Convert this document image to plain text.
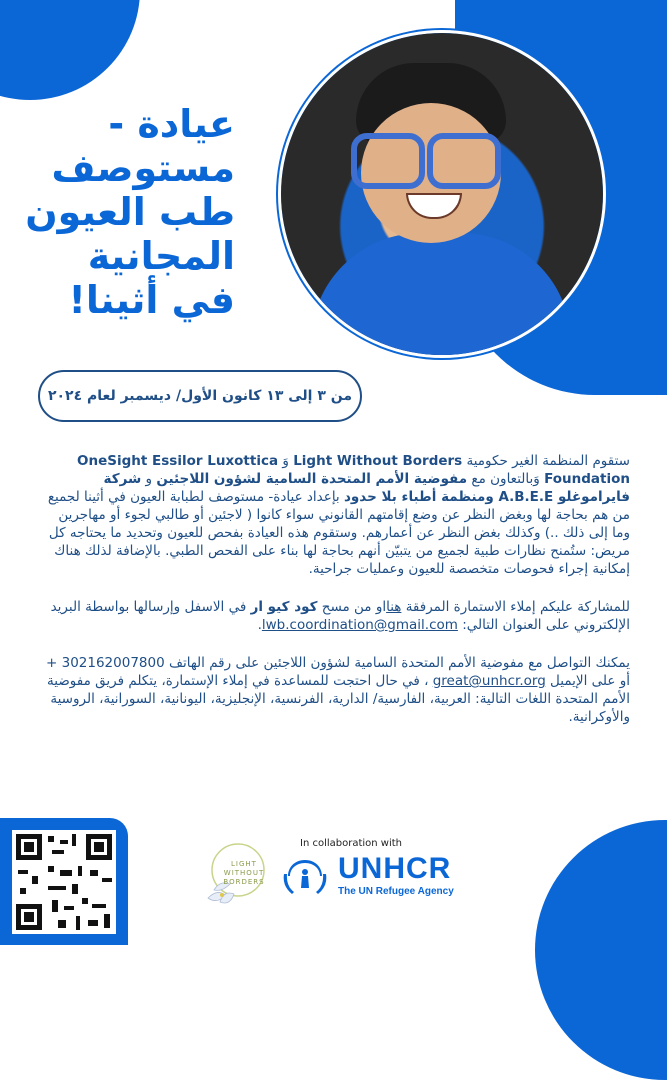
عيادة - مستوصف طب العيون المجانية في أثينا!
من ٣ إلى ١٣ كانون الأول/ ديسمبر لعام ٢٠٢٤

ستقوم المنظمة الغير حكومية Light Without Borders وَ OneSight Essilor Luxottica Foundation وَبالتعاون مع مفوضية الأمم المتحدة السامية لشؤون اللاجئين و شركة فايراموغلو A.B.E.E ومنظمة أطباء بلا حدود بإعداد عيادة- مستوصف لطبابة العيون في أثينا لجميع من هم بحاجة لها وبغض النظر عن وضع إقامتهم القانوني سواء كانوا ( لاجئين أو طالبي لجوء أو مهاجرين وما إلى ذلك ..) وكذلك بغض النظر عن أعمارهم. وستقوم هذه العيادة بفحص للعيون وتحديد ما يحتاجه كل مريض: ستُمنح نظارات طبية لجميع من يتبيّن أنهم بحاجة لها بناء على الفحص الطبي. بالإضافة لذلك هناك إمكانية إجراء فحوصات متخصصة للعيون وعمليات جراحية.

للمشاركة عليكم إملاء الاستمارة المرفقة هنااو من مسح كود كيو ار في الاسفل وإرسالها بواسطة البريد الإلكتروني على العنوان التالي: lwb.coordination@gmail.com.

يمكنك التواصل مع مفوضية الأمم المتحدة السامية لشؤون اللاجئين على رقم الهاتف 302162007800 + أو على الإيميل great@unhcr.org ، في حال احتجت للمساعدة في إملاء الإستمارة، يتكلم فريق مفوضية الأمم المتحدة اللغات التالية: العربية، الفارسية/ الدارية، الفرنسية، الإنجليزية، اليونانية، السورانية، الروسية والأوكرانية.

LIGHT WITHOUT BORDERS
In collaboration with
UNHCR
The UN Refugee Agency
